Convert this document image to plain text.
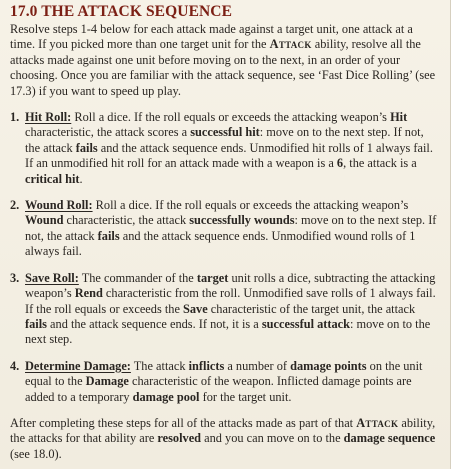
17.0 THE ATTACK SEQUENCE

Resolve steps 1-4 below for each attack made against a target unit, one attack at a time. If you picked more than one target unit for the Attack ability, resolve all the attacks made against one unit before moving on to the next, in an order of your choosing. Once you are familiar with the attack sequence, see ‘Fast Dice Rolling’ (see 17.3) if you want to speed up play.

1. Hit Roll: Roll a dice. If the roll equals or exceeds the attacking weapon’s Hit characteristic, the attack scores a successful hit: move on to the next step. If not, the attack fails and the attack sequence ends. Unmodified hit rolls of 1 always fail. If an unmodified hit roll for an attack made with a weapon is a 6, the attack is a critical hit.
2. Wound Roll: Roll a dice. If the roll equals or exceeds the attacking weapon’s Wound characteristic, the attack successfully wounds: move on to the next step. If not, the attack fails and the attack sequence ends. Unmodified wound rolls of 1 always fail.
3. Save Roll: The commander of the target unit rolls a dice, subtracting the attacking weapon’s Rend characteristic from the roll. Unmodified save rolls of 1 always fail. If the roll equals or exceeds the Save characteristic of the target unit, the attack fails and the attack sequence ends. If not, it is a successful attack: move on to the next step.
4. Determine Damage: The attack inflicts a number of damage points on the unit equal to the Damage characteristic of the weapon. Inflicted damage points are added to a temporary damage pool for the target unit.

After completing these steps for all of the attacks made as part of that Attack ability, the attacks for that ability are resolved and you can move on to the damage sequence (see 18.0).
